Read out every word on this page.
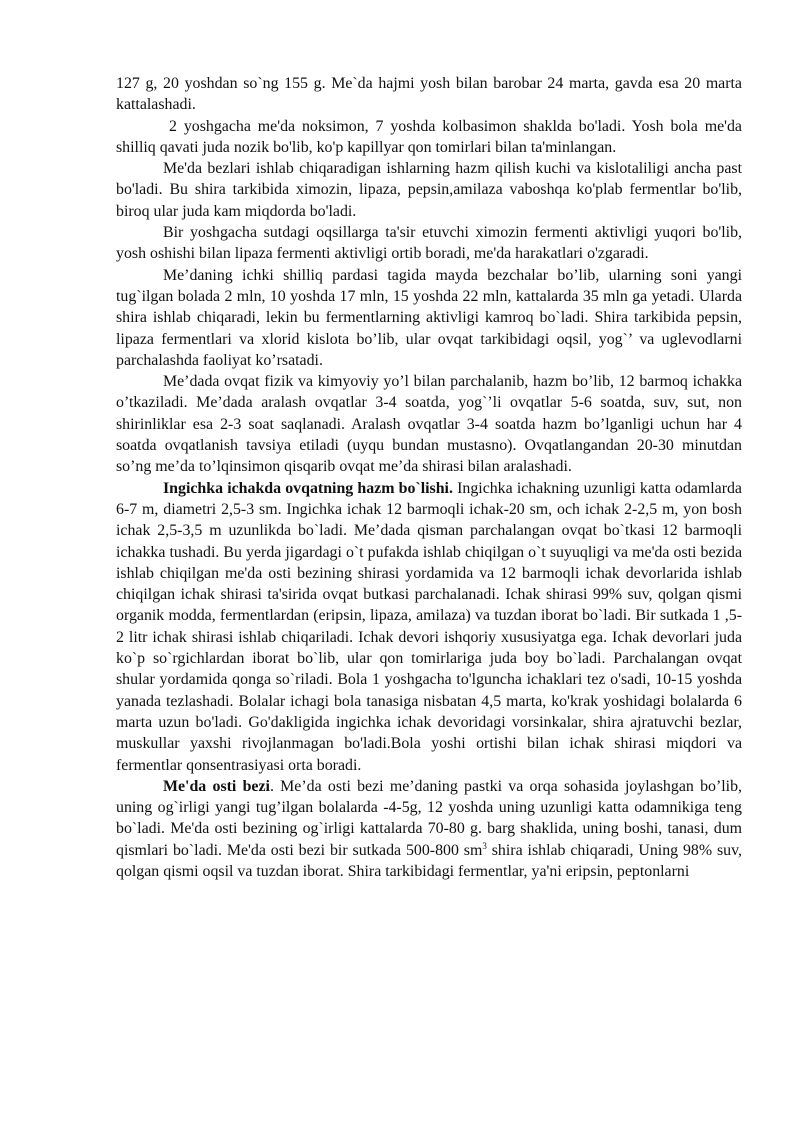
127 g, 20 yoshdan so`ng 155 g. Me`da hajmi yosh bilan barobar 24 marta, gavda esa 20 marta kattalashadi.

2 yoshgacha me'da noksimon, 7 yoshda kolbasimon shaklda bo'ladi. Yosh bola me'da shilliq qavati juda nozik bo'lib, ko'p kapillyar qon tomirlari bilan ta'minlangan.

Me'da bezlari ishlab chiqaradigan ishlarning hazm qilish kuchi va kislotaliligi ancha past bo'ladi. Bu shira tarkibida ximozin, lipaza, pepsin,amilaza vaboshqa ko'plab fermentlar bo'lib, biroq ular juda kam miqdorda bo'ladi.

Bir yoshgacha sutdagi oqsillarga ta'sir etuvchi ximozin fermenti aktivligi yuqori bo'lib, yosh oshishi bilan lipaza fermenti aktivligi ortib boradi, me'da harakatlari o'zgaradi.

Me’daning ichki shilliq pardasi tagida mayda bezchalar bo’lib, ularning soni yangi tug`ilgan bolada 2 mln, 10 yoshda 17 mln, 15 yoshda 22 mln, kattalarda 35 mln ga yetadi. Ularda shira ishlab chiqaradi, lekin bu fermentlarning aktivligi kamroq bo`ladi. Shira tarkibida pepsin, lipaza fermentlari va xlorid kislota bo’lib, ular ovqat tarkibidagi oqsil, yog`’ va uglevodlarni parchalashda faoliyat ko’rsatadi.

Me’dada ovqat fizik va kimyoviy yo’l bilan parchalanib, hazm bo’lib, 12 barmoq ichakka o’tkaziladi. Me’dada aralash ovqatlar 3-4 soatda, yog`’li ovqatlar 5-6 soatda, suv, sut, non shirinliklar esa 2-3 soat saqlanadi. Aralash ovqatlar 3-4 soatda hazm bo’lganligi uchun har 4 soatda ovqatlanish tavsiya etiladi (uyqu bundan mustasno). Ovqatlangandan 20-30 minutdan so’ng me’da to’lqinsimon qisqarib ovqat me’da shirasi bilan aralashadi.

Ingichka ichakda ovqatning hazm bo`lishi. Ingichka ichakning uzunligi katta odamlarda 6-7 m, diametri 2,5-3 sm. Ingichka ichak 12 barmoqli ichak-20 sm, och ichak 2-2,5 m, yon bosh ichak 2,5-3,5 m uzunlikda bo`ladi. Me’dada qisman parchalangan ovqat bo`tkasi 12 barmoqli ichakka tushadi. Bu yerda jigardagi o`t pufakda ishlab chiqilgan o`t suyuqligi va me'da osti bezida ishlab chiqilgan me'da osti bezining shirasi yordamida va 12 barmoqli ichak devorlarida ishlab chiqilgan ichak shirasi ta'sirida ovqat butkasi parchalanadi. Ichak shirasi 99% suv, qolgan qismi organik modda, fermentlardan (eripsin, lipaza, amilaza) va tuzdan iborat bo`ladi. Bir sutkada 1 ,5-2 litr ichak shirasi ishlab chiqariladi. Ichak devori ishqoriy xususiyatga ega. Ichak devorlari juda ko`p so`rgichlardan iborat bo`lib, ular qon tomirlariga juda boy bo`ladi. Parchalangan ovqat shular yordamida qonga so`riladi. Bola 1 yoshgacha to'lguncha ichaklari tez o'sadi, 10-15 yoshda yanada tezlashadi. Bolalar ichagi bola tanasiga nisbatan 4,5 marta, ko'krak yoshidagi bolalarda 6 marta uzun bo'ladi. Go'dakligida ingichka ichak devoridagi vorsinkalar, shira ajratuvchi bezlar, muskullar yaxshi rivojlanmagan bo'ladi.Bola yoshi ortishi bilan ichak shirasi miqdori va fermentlar qonsentrasiyasi orta boradi.

Me'da osti bezi. Me’da osti bezi me’daning pastki va orqa sohasida joylashgan bo’lib, uning og`irligi yangi tug’ilgan bolalarda -4-5g, 12 yoshda uning uzunligi katta odamnikiga teng bo`ladi. Me'da osti bezining og`irligi kattalarda 70-80 g. barg shaklida, uning boshi, tanasi, dum qismlari bo`ladi. Me'da osti bezi bir sutkada 500-800 $sm^3$ shira ishlab chiqaradi, Uning 98% suv, qolgan qismi oqsil va tuzdan iborat. Shira tarkibidagi fermentlar, ya'ni eripsin, peptonlarni
